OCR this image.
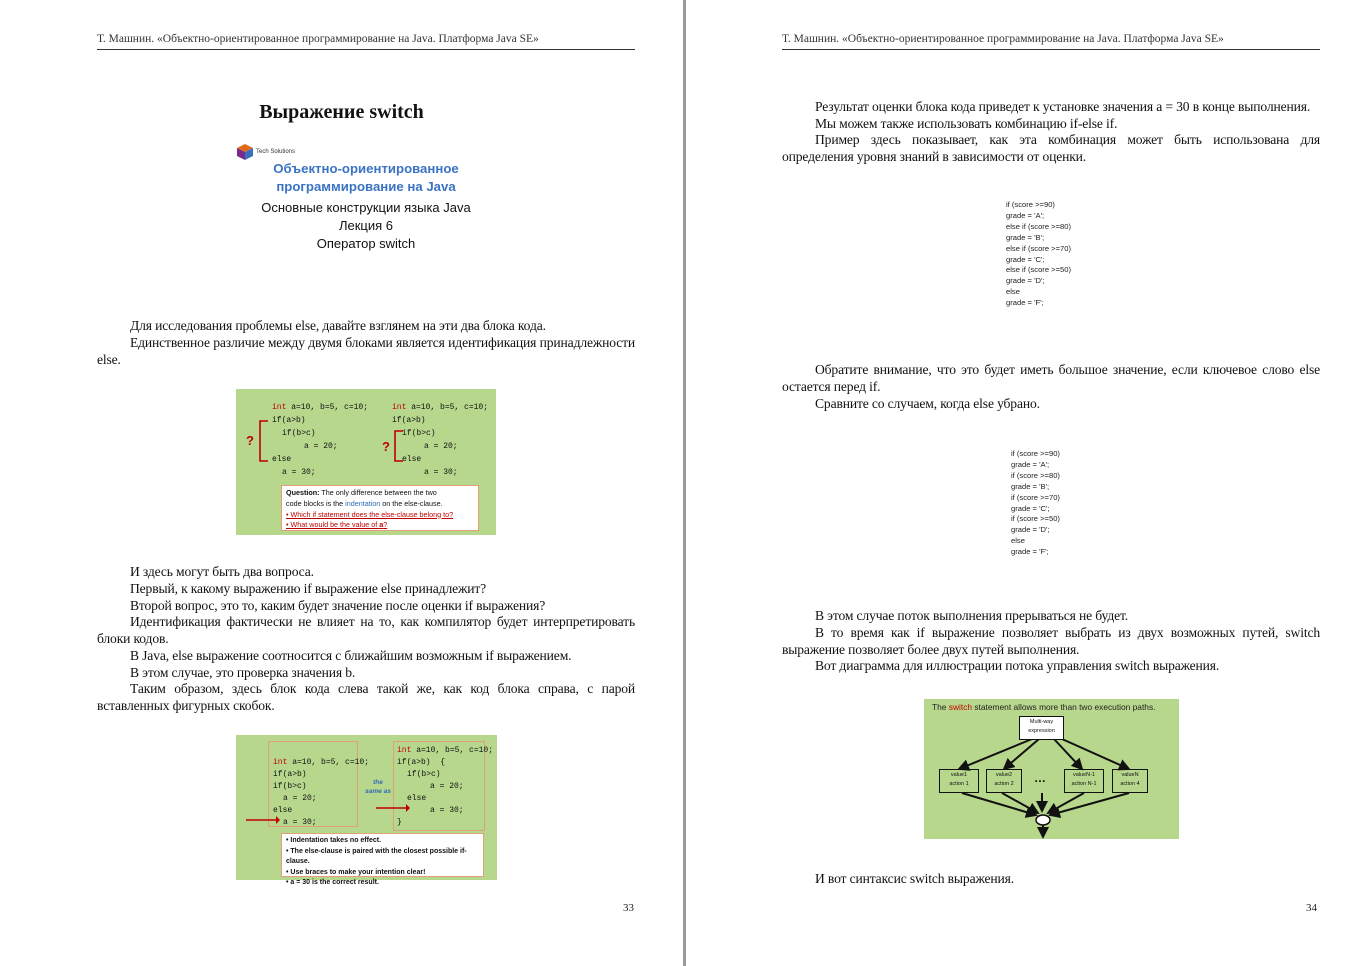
Т. Машнин. «Объектно-ориентированное программирование на Java. Платформа Java SE»
Выражение switch
Tech Solutions
Объектно-ориентированное
программирование на Java
Основные конструкции языка Java
Лекция 6
Оператор switch
Для исследования проблемы else, давайте взглянем на эти два блока кода.
Единственное различие между двумя блоками является идентификация принадлежности else.
int a=10, b=5, c=10;
if(a>b)
if(b>c)
a = 20;
else
a = 30;
?
int a=10, b=5, c=10;
if(a>b)
if(b>c)
a = 20;
else
a = 30;
?
Question: The only difference between the two
code blocks is the indentation on the else-clause.
• Which if statement does the else-clause belong to?
• What would be the value of a?
И здесь могут быть два вопроса.
Первый, к какому выражению if выражение else принадлежит?
Второй вопрос, это то, каким будет значение после оценки if выражения?
Идентификация фактически не влияет на то, как компилятор будет интерпретировать блоки кодов.
В Java, else выражение соотносится с ближайшим возможным if выражением.
В этом случае, это проверка значения b.
Таким образом, здесь блок кода слева такой же, как код блока справа, с парой вставленных фигурных скобок.
int a=10, b=5, c=10;
if(a>b)
if(b>c)
a = 20;
else
a = 30;
the
same as
int a=10, b=5, c=10;
if(a>b)  {
if(b>c)
a = 20;
else
a = 30;
}
• Indentation takes no effect.
• The else-clause is paired with the closest possible if-clause.
• Use braces to make your intention clear!
• a = 30 is the correct result.
33
Т. Машнин. «Объектно-ориентированное программирование на Java. Платформа Java SE»
Результат оценки блока кода приведет к установке значения a = 30 в конце выполнения.
Мы можем также использовать комбинацию if-else if.
Пример здесь показывает, как эта комбинация может быть использована для определения уровня знаний в зависимости от оценки.
if (score >=90)
grade = 'A';
else if (score >=80)
grade = 'B';
else if (score >=70)
grade = 'C';
else if (score >=50)
grade = 'D';
else
grade = 'F';
Обратите внимание, что это будет иметь большое значение, если ключевое слово else остается перед if.
Сравните со случаем, когда else убрано.
if (score >=90)
grade = 'A';
if (score >=80)
grade = 'B';
if (score >=70)
grade = 'C';
if (score >=50)
grade = 'D';
else
grade = 'F';
В этом случае поток выполнения прерываться не будет.
В то время как if выражение позволяет выбрать из двух возможных путей, switch выражение позволяет более двух путей выполнения.
Вот диаграмма для иллюстрации потока управления switch выражения.
The switch statement allows more than two execution paths.
Multi-way
expression
value1
action 1
value2
action 2	…	valueN-1
action N-1
valueN
action 4
И вот синтаксис switch выражения.
34
